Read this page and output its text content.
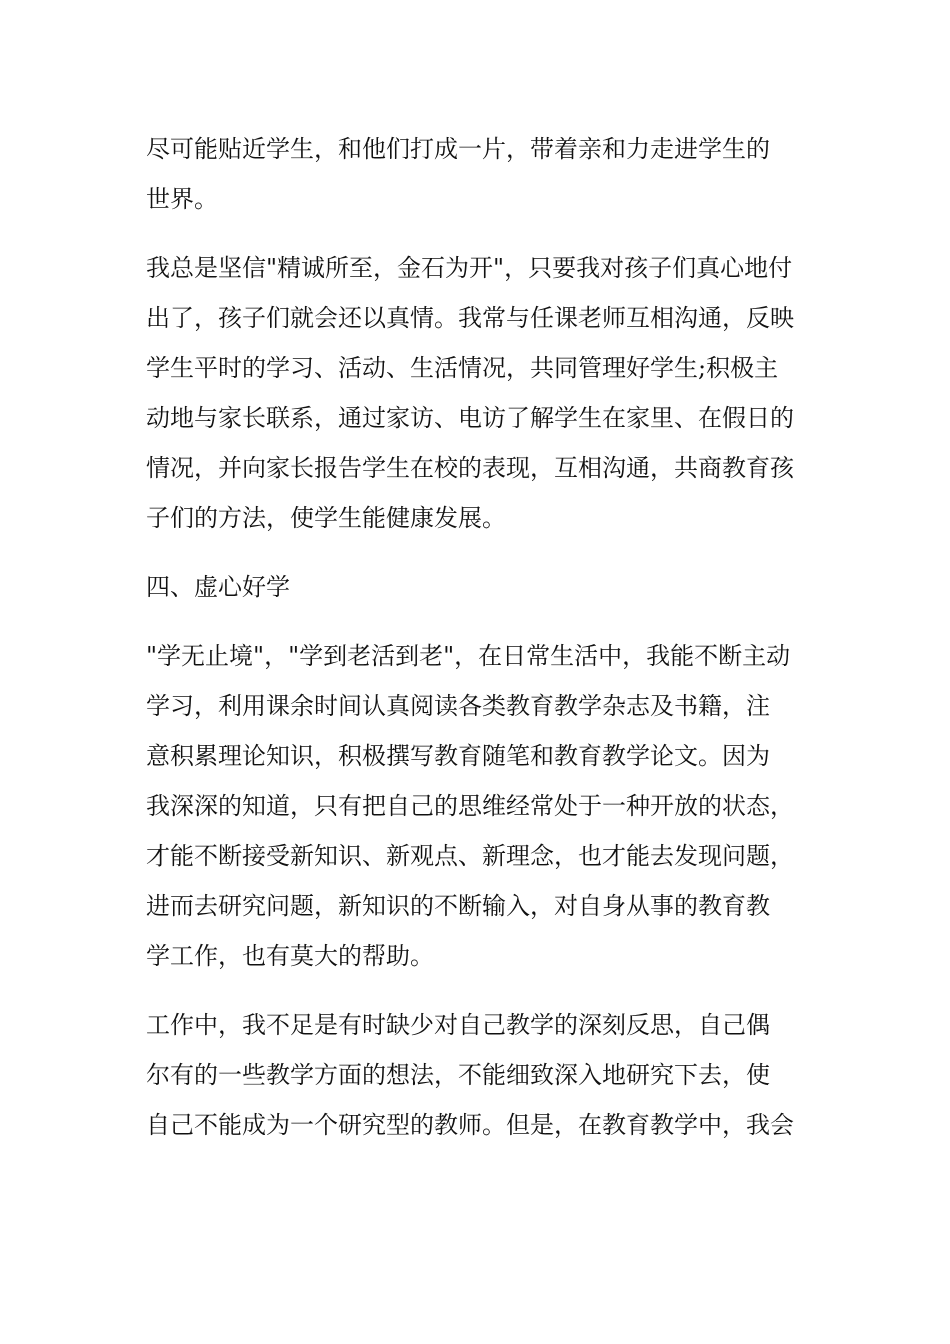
尽可能贴近学生，和他们打成一片，带着亲和力走进学生的
世界。

我总是坚信"精诚所至，金石为开"，只要我对孩子们真心地付
出了，孩子们就会还以真情。我常与任课老师互相沟通，反映
学生平时的学习、活动、生活情况，共同管理好学生;积极主
动地与家长联系，通过家访、电访了解学生在家里、在假日的
情况，并向家长报告学生在校的表现，互相沟通，共商教育孩
子们的方法，使学生能健康发展。

四、虚心好学

"学无止境"，"学到老活到老"，在日常生活中，我能不断主动
学习，利用课余时间认真阅读各类教育教学杂志及书籍，注
意积累理论知识，积极撰写教育随笔和教育教学论文。因为
我深深的知道，只有把自己的思维经常处于一种开放的状态，
才能不断接受新知识、新观点、新理念，也才能去发现问题，
进而去研究问题，新知识的不断输入，对自身从事的教育教
学工作，也有莫大的帮助。

工作中，我不足是有时缺少对自己教学的深刻反思，自己偶
尔有的一些教学方面的想法，不能细致深入地研究下去，使
自己不能成为一个研究型的教师。但是，在教育教学中，我会
